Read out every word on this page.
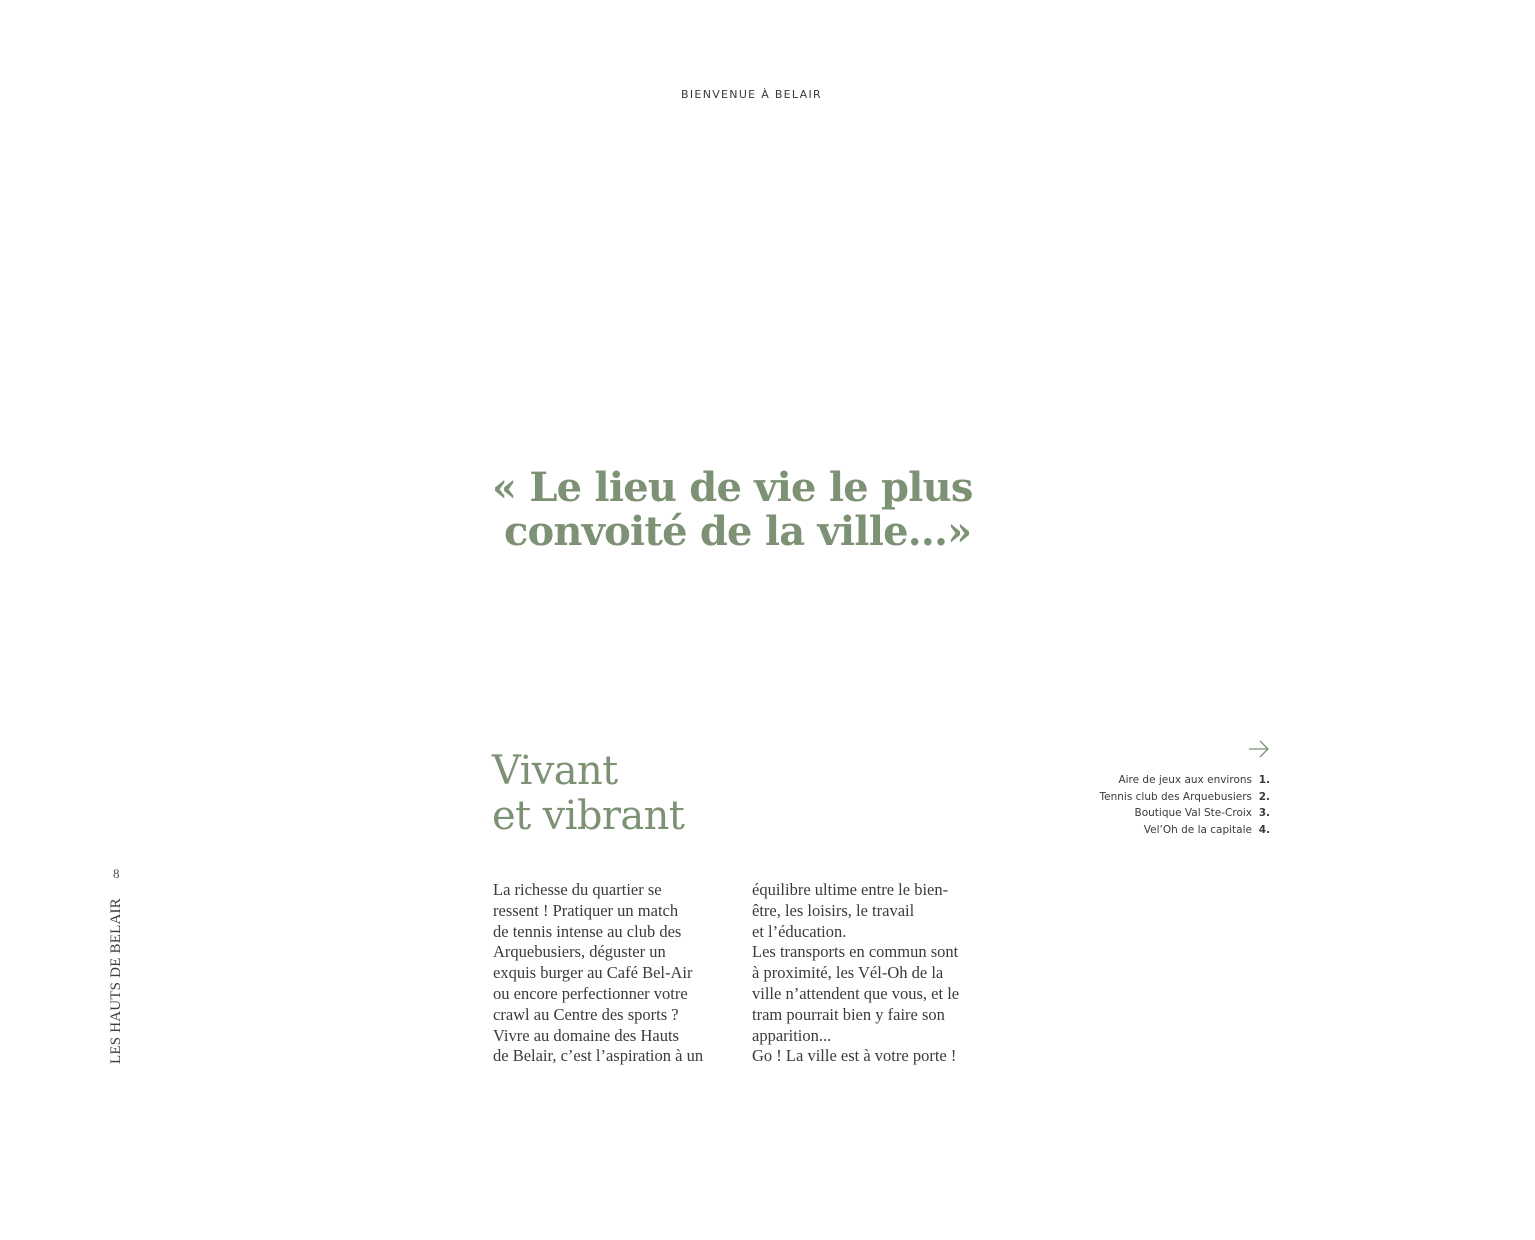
BIENVENUE À BELAIR
« Le lieu de vie le plus
convoité de la ville...»
Vivant
et vibrant

La richesse du quartier se
ressent ! Pratiquer un match
de tennis intense au club des
Arquebusiers, déguster un
exquis burger au Café Bel-Air
ou encore perfectionner votre
crawl au Centre des sports ?
Vivre au domaine des Hauts
de Belair, c’est l’aspiration à un

équilibre ultime entre le bien-
être, les loisirs, le travail
et l’éducation.
Les transports en commun sont
à proximité, les Vél-Oh de la
ville n’attendent que vous, et le
tram pourrait bien y faire son
apparition...
Go ! La ville est à votre porte !

Aire de jeux aux environs 1.
Tennis club des Arquebusiers 2.
Boutique Val Ste-Croix 3.
Vel’Oh de la capitale 4.
8
LES HAUTS DE BELAIR
